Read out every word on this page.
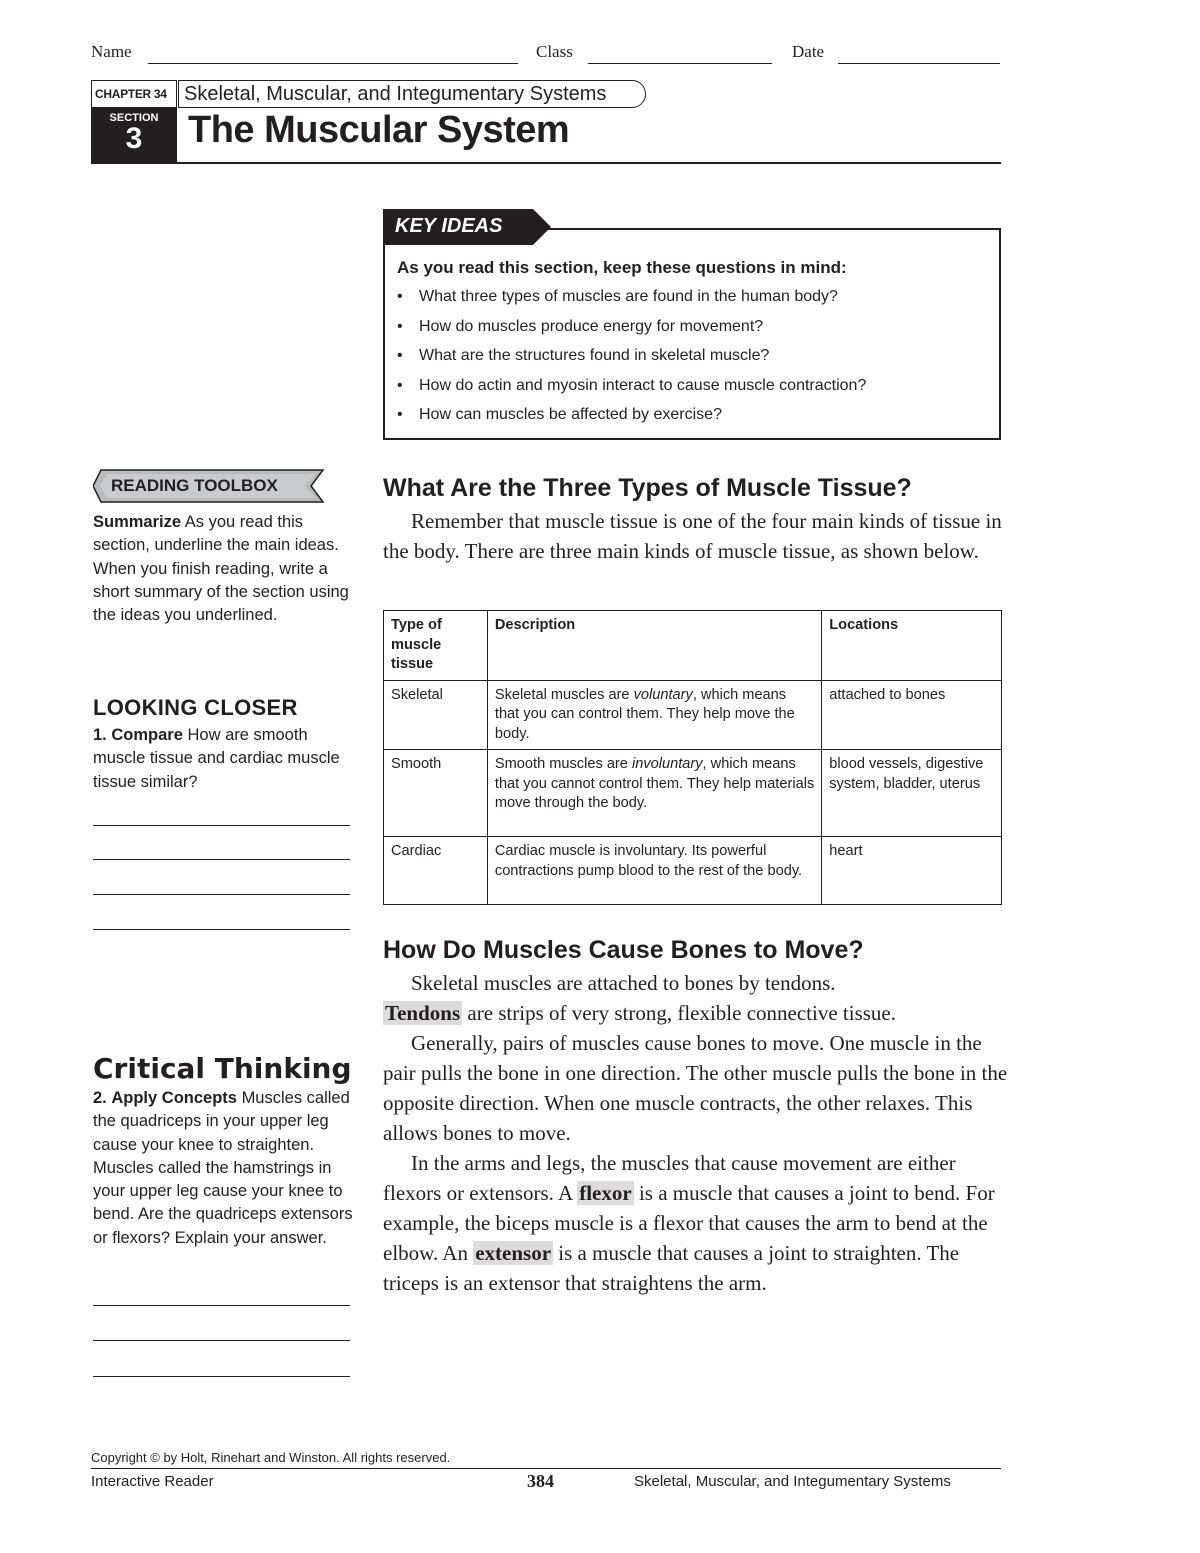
Name	Class	Date
CHAPTER 34
SECTION
3
Skeletal, Muscular, and Integumentary Systems
The Muscular System
KEY IDEAS
As you read this section, keep these questions in mind:
• What three types of muscles are found in the human body?
• How do muscles produce energy for movement?
• What are the structures found in skeletal muscle?
• How do actin and myosin interact to cause muscle contraction?
• How can muscles be affected by exercise?
READING TOOLBOX
Summarize As you read this section, underline the main ideas. When you finish reading, write a short summary of the section using the ideas you underlined.
LOOKING CLOSER
1. Compare How are smooth muscle tissue and cardiac muscle tissue similar?
Critical Thinking
2. Apply Concepts Muscles called the quadriceps in your upper leg cause your knee to straighten. Muscles called the hamstrings in your upper leg cause your knee to bend. Are the quadriceps extensors or flexors? Explain your answer.
What Are the Three Types of Muscle Tissue?
Remember that muscle tissue is one of the four main kinds of tissue in the body. There are three main kinds of muscle tissue, as shown below.
Type of muscle tissue	Description	Locations
Skeletal	Skeletal muscles are voluntary, which means that you can control them. They help move the body.	attached to bones
Smooth	Smooth muscles are involuntary, which means that you cannot control them. They help materials move through the body.	blood vessels, digestive system, bladder, uterus
Cardiac	Cardiac muscle is involuntary. Its powerful contractions pump blood to the rest of the body.	heart
How Do Muscles Cause Bones to Move?
Skeletal muscles are attached to bones by tendons.
Tendons are strips of very strong, flexible connective tissue.
Generally, pairs of muscles cause bones to move. One muscle in the pair pulls the bone in one direction. The other muscle pulls the bone in the opposite direction. When one muscle contracts, the other relaxes. This allows bones to move.
In the arms and legs, the muscles that cause movement are either flexors or extensors. A flexor is a muscle that causes a joint to bend. For example, the biceps muscle is a flexor that causes the arm to bend at the elbow. An extensor is a muscle that causes a joint to straighten. The triceps is an extensor that straightens the arm.
Copyright © by Holt, Rinehart and Winston. All rights reserved.
Interactive Reader	384	Skeletal, Muscular, and Integumentary Systems
